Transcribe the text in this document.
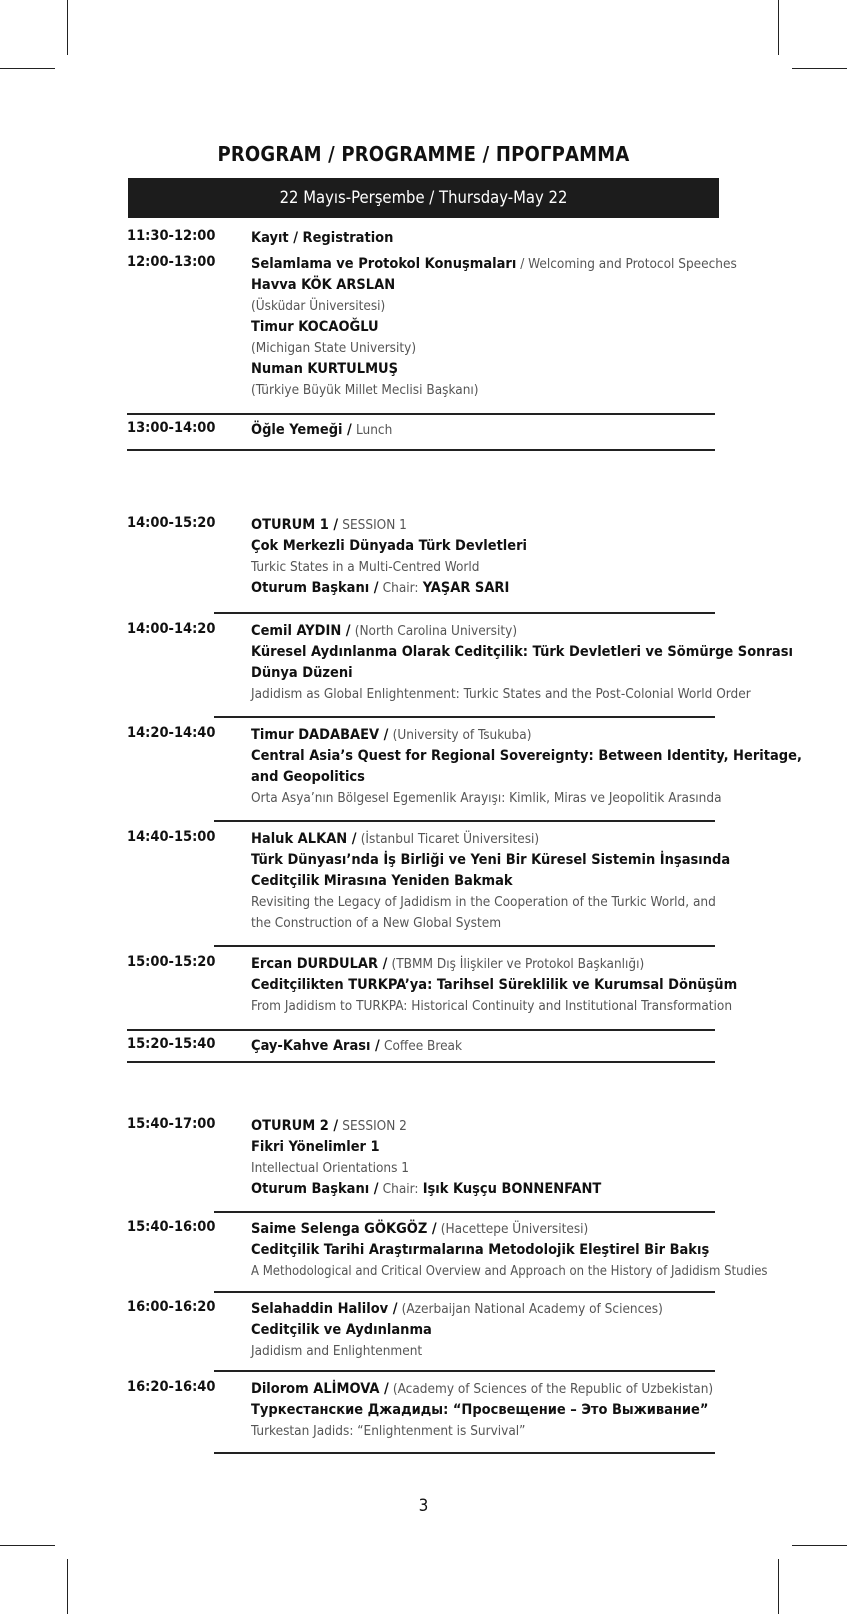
PROGRAM / PROGRAMME / ПРОГРАММА
22 Mayıs-Perşembe / Thursday-May 22
11:30-12:00 Kayıt / Registration
12:00-13:00 Selamlama ve Protokol Konuşmaları / Welcoming and Protocol Speeches
Havva KÖK ARSLAN
(Üsküdar Üniversitesi)
Timur KOCAOĞLU
(Michigan State University)
Numan KURTULMUŞ
(Türkiye Büyük Millet Meclisi Başkanı)
13:00-14:00 Öğle Yemeği / Lunch
14:00-15:20 OTURUM 1 / SESSION 1
Çok Merkezli Dünyada Türk Devletleri
Turkic States in a Multi-Centred World
Oturum Başkanı / Chair: YAŞAR SARI
14:00-14:20 Cemil AYDIN / (North Carolina University)
Küresel Aydınlanma Olarak Ceditçilik: Türk Devletleri ve Sömürge Sonrası
Dünya Düzeni
Jadidism as Global Enlightenment: Turkic States and the Post-Colonial World Order
14:20-14:40 Timur DADABAEV / (University of Tsukuba)
Central Asia’s Quest for Regional Sovereignty: Between Identity, Heritage,
and Geopolitics
Orta Asya’nın Bölgesel Egemenlik Arayışı: Kimlik, Miras ve Jeopolitik Arasında
14:40-15:00 Haluk ALKAN / (İstanbul Ticaret Üniversitesi)
Türk Dünyası’nda İş Birliği ve Yeni Bir Küresel Sistemin İnşasında
Ceditçilik Mirasına Yeniden Bakmak
Revisiting the Legacy of Jadidism in the Cooperation of the Turkic World, and
the Construction of a New Global System
15:00-15:20 Ercan DURDULAR / (TBMM Dış İlişkiler ve Protokol Başkanlığı)
Ceditçilikten TURKPA’ya: Tarihsel Süreklilik ve Kurumsal Dönüşüm
From Jadidism to TURKPA: Historical Continuity and Institutional Transformation
15:20-15:40 Çay-Kahve Arası / Coffee Break
15:40-17:00 OTURUM 2 / SESSION 2
Fikri Yönelimler 1
Intellectual Orientations 1
Oturum Başkanı / Chair: Işık Kuşçu BONNENFANT
15:40-16:00 Saime Selenga GÖKGÖZ / (Hacettepe Üniversitesi)
Ceditçilik Tarihi Araştırmalarına Metodolojik Eleştirel Bir Bakış
A Methodological and Critical Overview and Approach on the History of Jadidism Studies
16:00-16:20 Selahaddin Halilov / (Azerbaijan National Academy of Sciences)
Ceditçilik ve Aydınlanma
Jadidism and Enlightenment
16:20-16:40 Dilorom ALİMOVA / (Academy of Sciences of the Republic of Uzbekistan)
Туркестанские Джадиды: “Просвещение – Это Выживание”
Turkestan Jadids: “Enlightenment is Survival”
3
